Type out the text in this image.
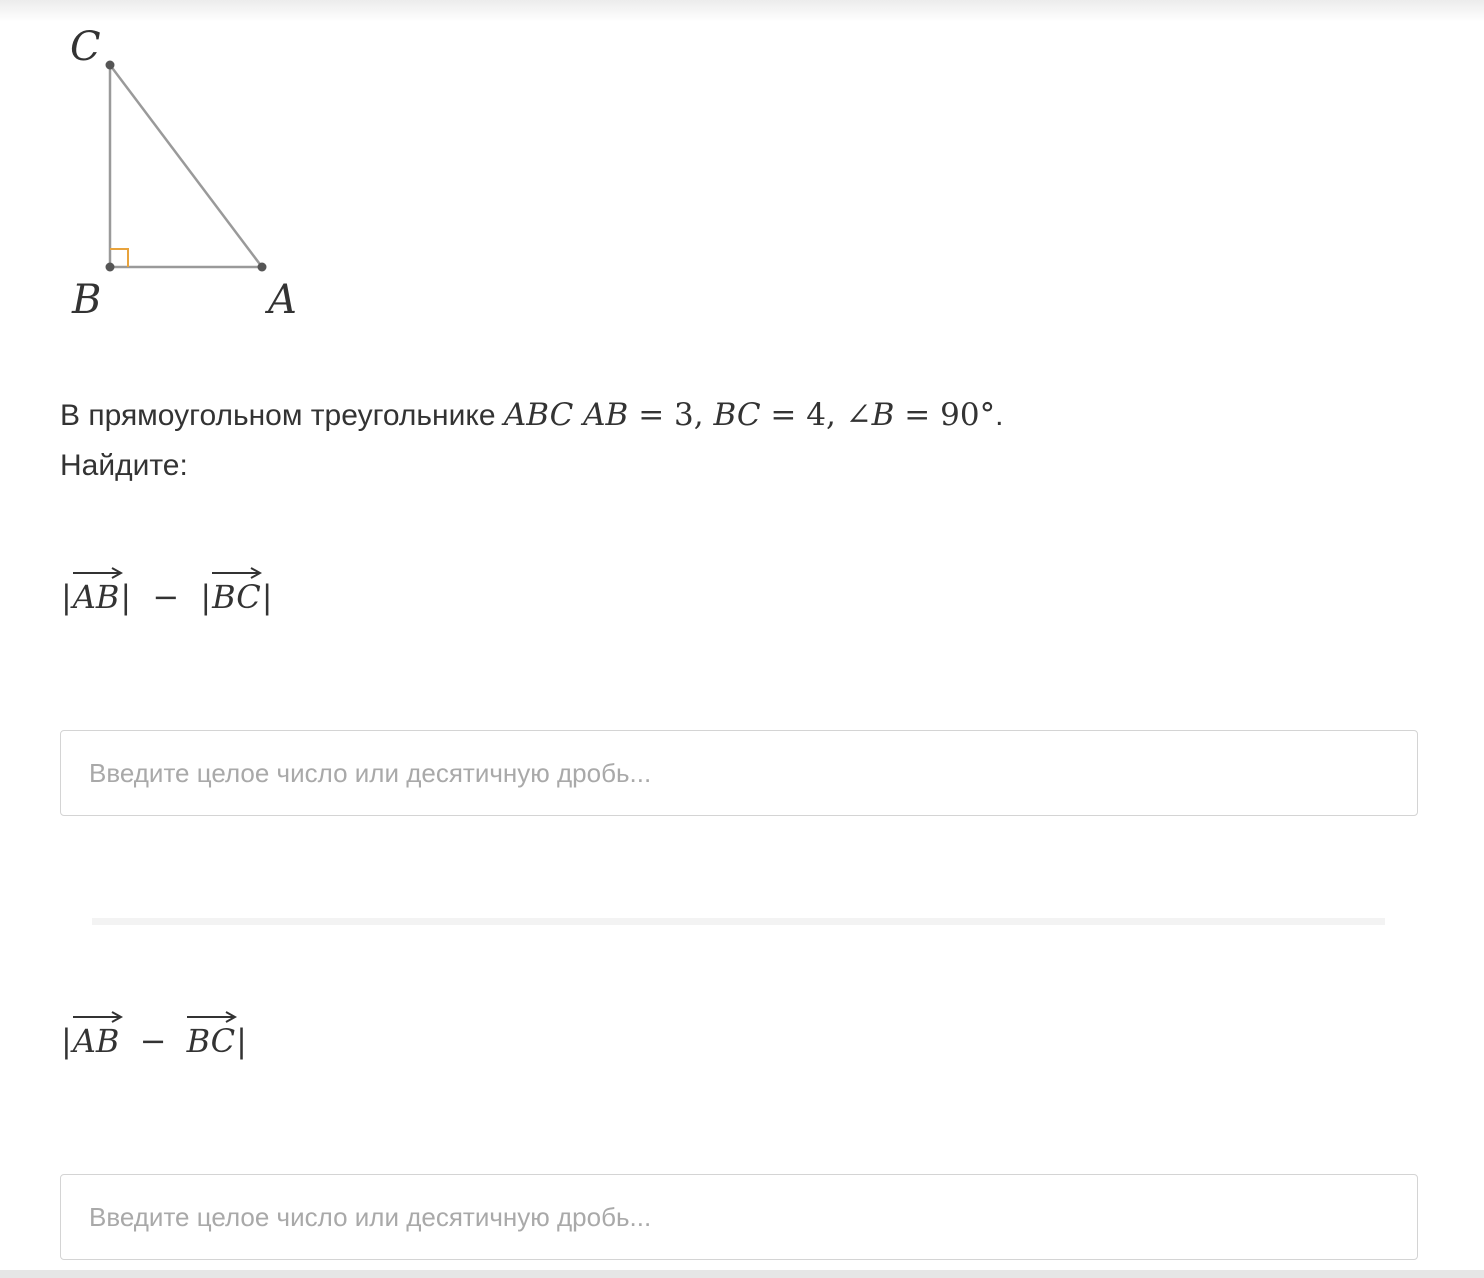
C
B	A
В прямоугольном треугольнике ABC AB = 3, BC = 4, ∠B = 90°.
Найдите:
|
AB| − |
BC|
Введите целое число или десятичную дробь...
|
AB − BC|
Введите целое число или десятичную дробь...
